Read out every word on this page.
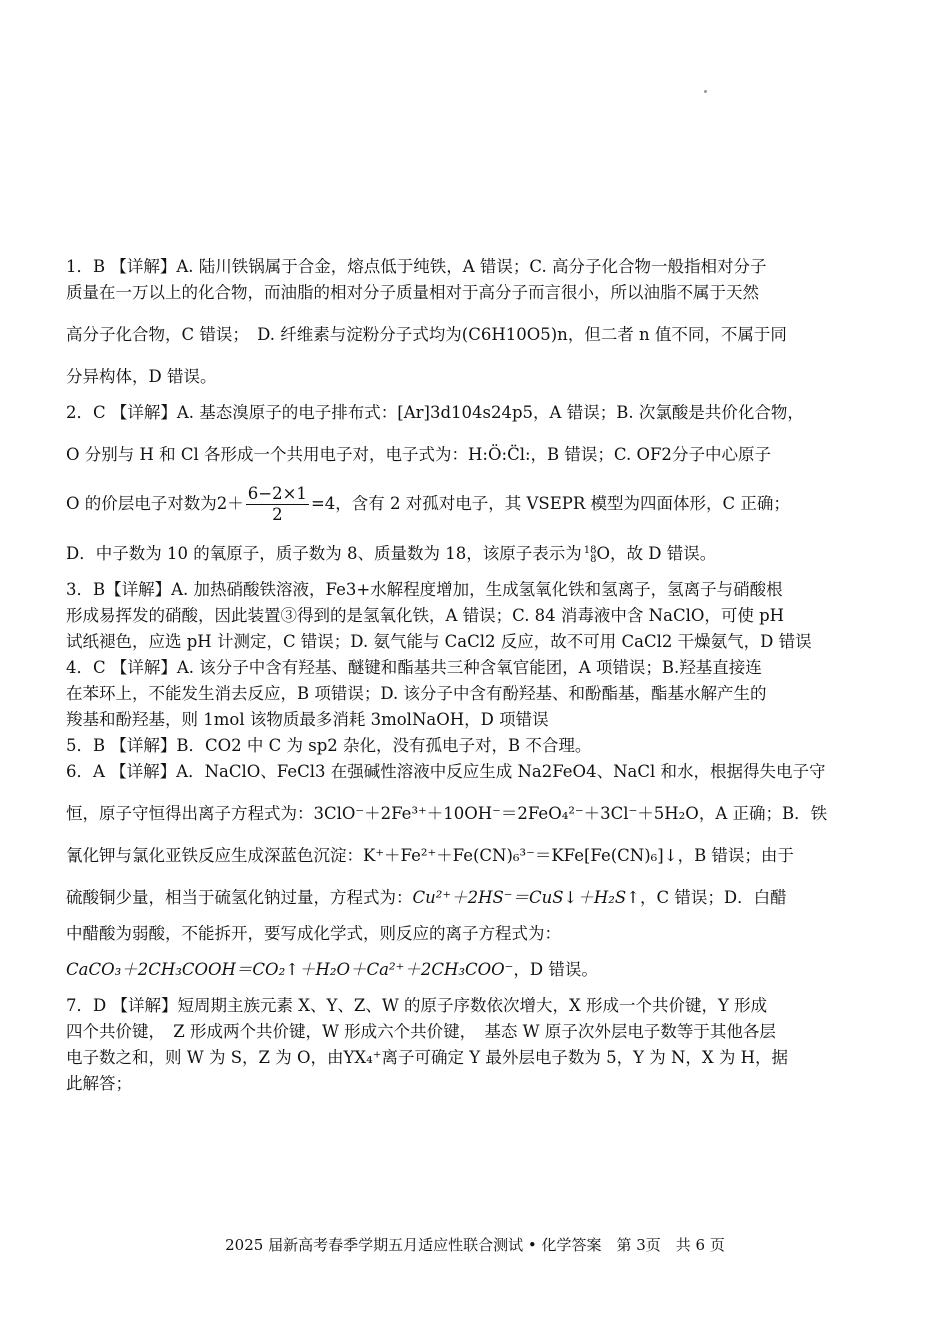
1．B 【详解】A. 陆川铁锅属于合金，熔点低于纯铁，A 错误；C. 高分子化合物一般指相对分子
质量在一万以上的化合物，而油脂的相对分子质量相对于高分子而言很小，所以油脂不属于天然
高分子化合物，C 错误；　D. 纤维素与淀粉分子式均为(C6H10O5)n，但二者 n 值不同，不属于同
分异构体，D 错误。
2．C 【详解】A. 基态溴原子的电子排布式：[Ar]3d104s24p5，A 错误；B. 次氯酸是共价化合物，
O 分别与 H 和 Cl 各形成一个共用电子对，电子式为：H:Ö:C̈l:，B 错误；C. OF2分子中心原子
O 的价层电子对数为$2+ \frac{6-2\times 1}{2} =4$，含有 2 对孤对电子，其 VSEPR 模型为四面体形，C 正确；
D．中子数为 10 的氧原子，质子数为 8、质量数为 18，该原子表示为 18
8 O，故 D 错误。
3．B【详解】A. 加热硝酸铁溶液，Fe3+水解程度增加，生成氢氧化铁和氢离子，氢离子与硝酸根
形成易挥发的硝酸，因此装置③得到的是氢氧化铁，A 错误；C. 84 消毒液中含 NaClO，可使 pH
试纸褪色，应选 pH 计测定，C 错误；D. 氨气能与 CaCl2 反应，故不可用 CaCl2 干燥氨气，D 错误
4．C 【详解】A. 该分子中含有羟基、醚键和酯基共三种含氧官能团，A 项错误；B.羟基直接连
在苯环上，不能发生消去反应，B 项错误；D. 该分子中含有酚羟基、和酚酯基，酯基水解产生的
羧基和酚羟基，则 1mol 该物质最多消耗 3molNaOH，D 项错误
5．B 【详解】B．CO2 中 C 为 sp2 杂化，没有孤电子对，B 不合理。
6．A 【详解】A．NaClO、FeCl3 在强碱性溶液中反应生成 Na2FeO4、NaCl 和水，根据得失电子守
恒，原子守恒得出离子方程式为：3ClO⁻＋2Fe³⁺＋10OH⁻＝2FeO₄²⁻＋3Cl⁻＋5H₂O，A 正确；B．铁
氰化钾与氯化亚铁反应生成深蓝色沉淀：K⁺＋Fe²⁺＋Fe(CN)₆³⁻＝KFe[Fe(CN)₆]↓，B 错误；由于
硫酸铜少量，相当于硫氢化钠过量，方程式为：Cu²⁺＋2HS⁻＝CuS↓＋H₂S↑，C 错误；D．白醋
中醋酸为弱酸，不能拆开，要写成化学式，则反应的离子方程式为：
CaCO₃＋2CH₃COOH＝CO₂↑＋H₂O＋Ca²⁺＋2CH₃COO⁻，D 错误。
7．D 【详解】短周期主族元素 X、Y、Z、W 的原子序数依次增大，X 形成一个共价键，Y 形成
四个共价键，　Z 形成两个共价键，W 形成六个共价键，　基态 W 原子次外层电子数等于其他各层
电子数之和，则 W 为 S，Z 为 O，由YX₄⁺离子可确定 Y 最外层电子数为 5，Y 为 N，X 为 H，据
此解答；
2025 届新高考春季学期五月适应性联合测试 • 化学答案　第 3页　共 6 页
